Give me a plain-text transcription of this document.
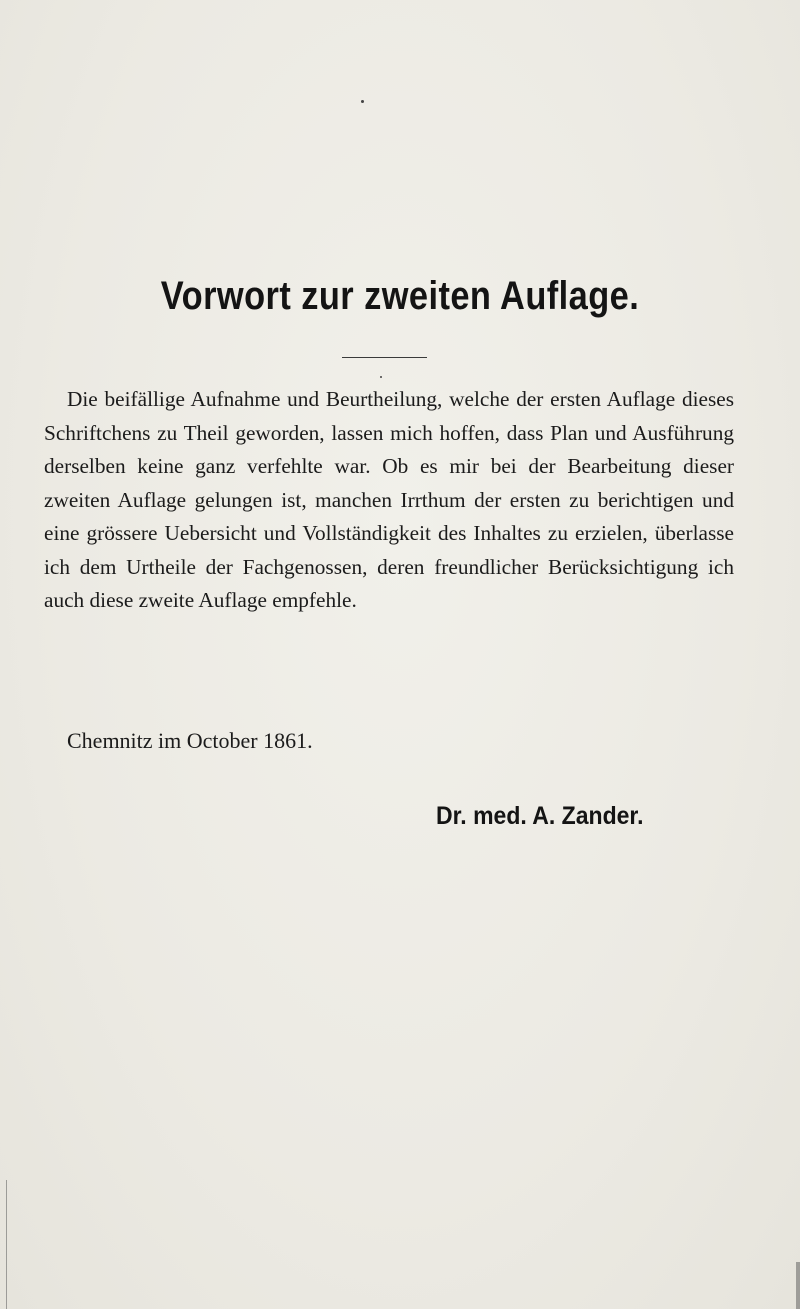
Vorwort zur zweiten Auflage.

Die beifällige Aufnahme und Beurtheilung, welche der ersten Auflage dieses Schriftchens zu Theil geworden, lassen mich hoffen, dass Plan und Ausführung derselben keine ganz verfehlte war. Ob es mir bei der Bearbeitung dieser zweiten Auflage gelungen ist, manchen Irrthum der ersten zu berichtigen und eine grössere Uebersicht und Vollständigkeit des Inhaltes zu erzielen, überlasse ich dem Urtheile der Fachgenossen, deren freundlicher Berücksichtigung ich auch diese zweite Auflage empfehle.

Chemnitz im October 1861.

Dr. med. A. Zander.
